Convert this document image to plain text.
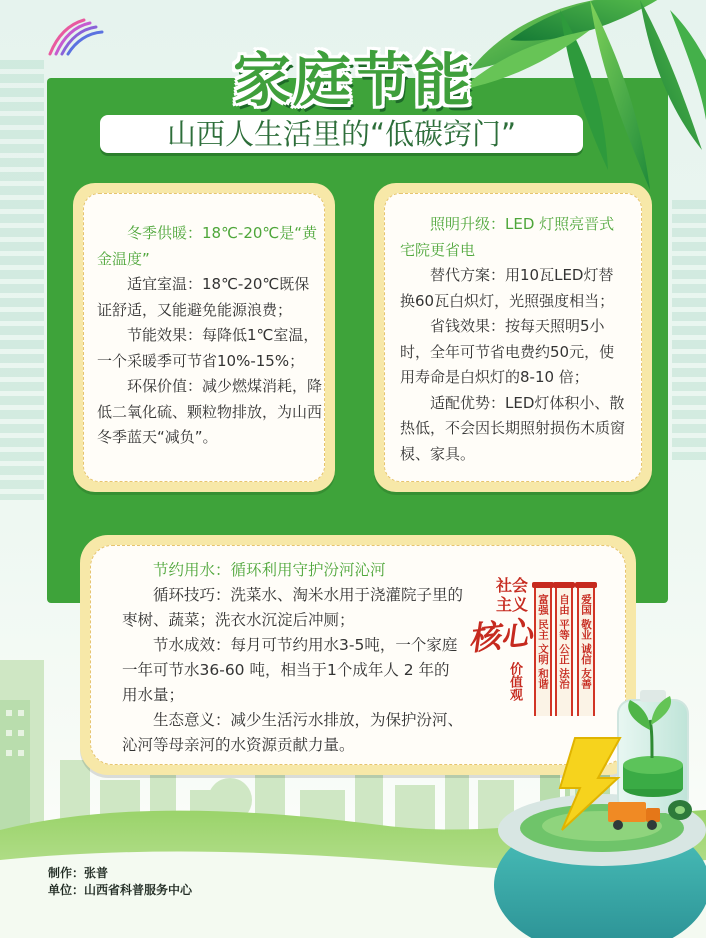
家庭节能
山西人生活里的“低碳窍门”

冬季供暖：18℃-20℃是“黄金温度”

适宜室温：18℃-20℃既保证舒适，又能避免能源浪费；

节能效果：每降低1℃室温，一个采暖季可节省10%-15%；

环保价值：减少燃煤消耗，降低二氧化硫、颗粒物排放，为山西冬季蓝天“减负”。

照明升级：LED 灯照亮晋式宅院更省电

替代方案：用10瓦LED灯替换60瓦白炽灯，光照强度相当；

省钱效果：按每天照明5小时，全年可节省电费约50元，使用寿命是白炽灯的8-10 倍；

适配优势：LED灯体积小、散热低，不会因长期照射损伤木质窗棂、家具。

节约用水：循环利用守护汾河沁河

循环技巧：洗菜水、淘米水用于浇灌院子里的枣树、蔬菜；洗衣水沉淀后冲厕；

节水成效：每月可节约用水3-5吨，一个家庭一年可节水36-60 吨，相当于1个成年人 2 年的用水量；

生态意义：减少生活污水排放，为保护汾河、沁河等母亲河的水资源贡献力量。

社会主义
核心
价值观 富强 民主 文明 和谐 自由 平等 公正 法治 爱国 敬业 诚信 友善
制作：张普
单位：山西省科普服务中心
